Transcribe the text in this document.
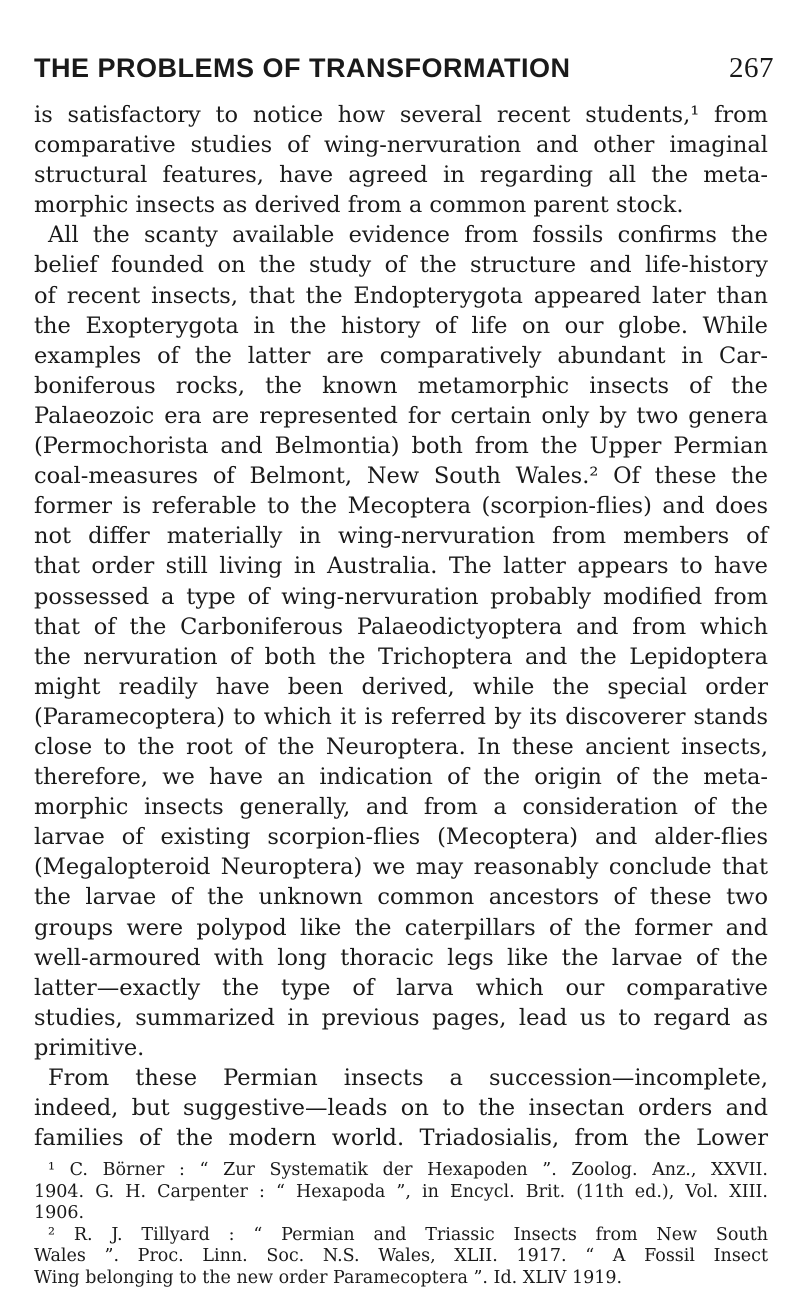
THE PROBLEMS OF TRANSFORMATION	267
is satisfactory to notice how several recent students,¹ from
comparative studies of wing-nervuration and other imaginal
structural features, have agreed in regarding all the meta-
morphic insects as derived from a common parent stock.
All the scanty available evidence from fossils confirms the
belief founded on the study of the structure and life-history
of recent insects, that the Endopterygota appeared later than
the Exopterygota in the history of life on our globe. While
examples of the latter are comparatively abundant in Car-
boniferous rocks, the known metamorphic insects of the
Palaeozoic era are represented for certain only by two genera
(Permochorista and Belmontia) both from the Upper Permian
coal-measures of Belmont, New South Wales.² Of these the
former is referable to the Mecoptera (scorpion-flies) and does
not differ materially in wing-nervuration from members of
that order still living in Australia. The latter appears to have
possessed a type of wing-nervuration probably modified from
that of the Carboniferous Palaeodictyoptera and from which
the nervuration of both the Trichoptera and the Lepidoptera
might readily have been derived, while the special order
(Paramecoptera) to which it is referred by its discoverer stands
close to the root of the Neuroptera. In these ancient insects,
therefore, we have an indication of the origin of the meta-
morphic insects generally, and from a consideration of the
larvae of existing scorpion-flies (Mecoptera) and alder-flies
(Megalopteroid Neuroptera) we may reasonably conclude that
the larvae of the unknown common ancestors of these two
groups were polypod like the caterpillars of the former and
well-armoured with long thoracic legs like the larvae of the
latter—exactly the type of larva which our comparative
studies, summarized in previous pages, lead us to regard as
primitive.
From these Permian insects a succession—incomplete,
indeed, but suggestive—leads on to the insectan orders and
families of the modern world. Triadosialis, from the Lower
¹ C. Börner : “ Zur Systematik der Hexapoden ”. Zoolog. Anz., XXVII.
1904. G. H. Carpenter : “ Hexapoda ”, in Encycl. Brit. (11th ed.), Vol. XIII.
1906.
² R. J. Tillyard : “ Permian and Triassic Insects from New South
Wales ”. Proc. Linn. Soc. N.S. Wales, XLII. 1917. “ A Fossil Insect
Wing belonging to the new order Paramecoptera ”. Id. XLIV 1919.
